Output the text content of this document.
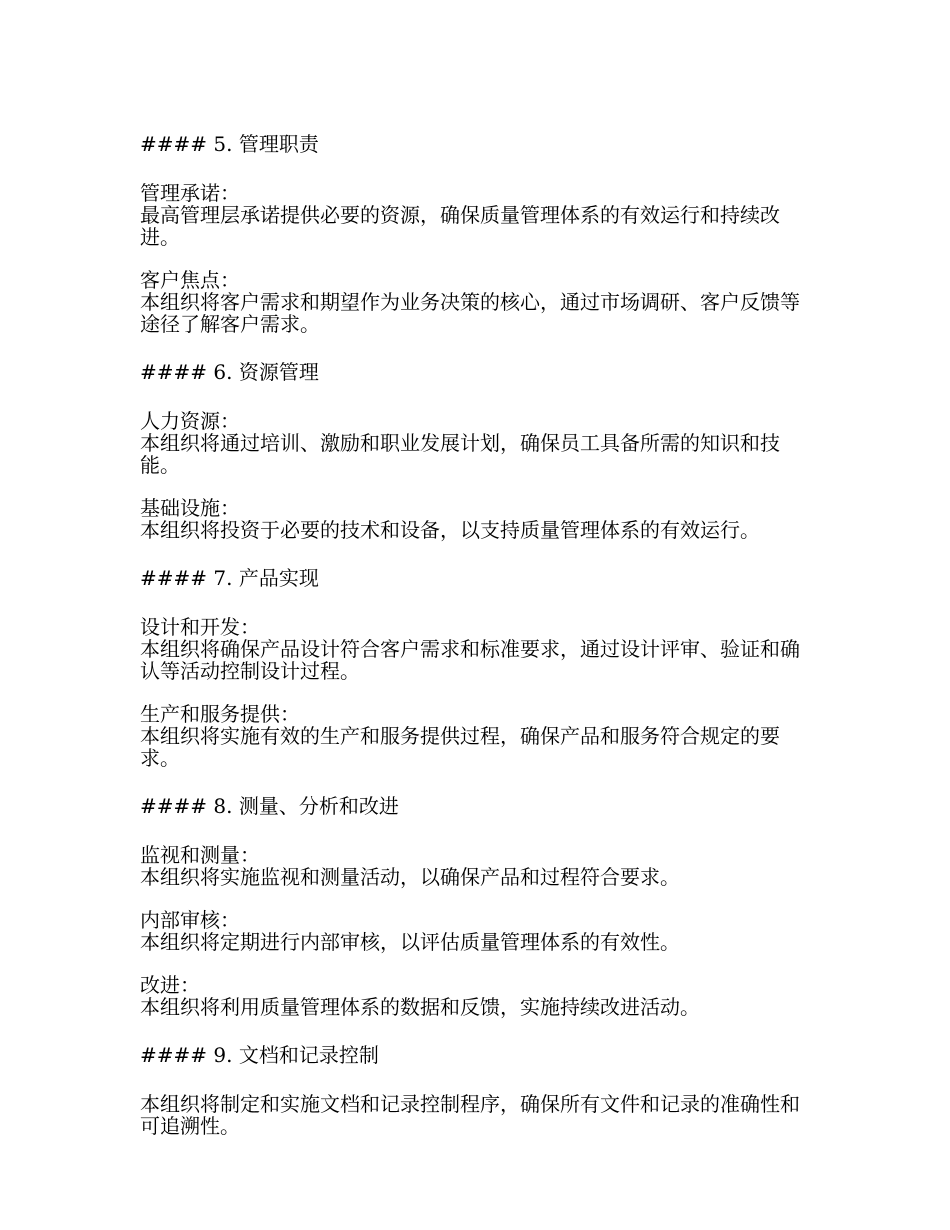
#### 5. 管理职责
管理承诺：
最高管理层承诺提供必要的资源，确保质量管理体系的有效运行和持续改进。
客户焦点：
本组织将客户需求和期望作为业务决策的核心，通过市场调研、客户反馈等途径了解客户需求。
#### 6. 资源管理
人力资源：
本组织将通过培训、激励和职业发展计划，确保员工具备所需的知识和技能。
基础设施：
本组织将投资于必要的技术和设备，以支持质量管理体系的有效运行。
#### 7. 产品实现
设计和开发：
本组织将确保产品设计符合客户需求和标准要求，通过设计评审、验证和确认等活动控制设计过程。
生产和服务提供：
本组织将实施有效的生产和服务提供过程，确保产品和服务符合规定的要求。
#### 8. 测量、分析和改进
监视和测量：
本组织将实施监视和测量活动，以确保产品和过程符合要求。
内部审核：
本组织将定期进行内部审核，以评估质量管理体系的有效性。
改进：
本组织将利用质量管理体系的数据和反馈，实施持续改进活动。
#### 9. 文档和记录控制
本组织将制定和实施文档和记录控制程序，确保所有文件和记录的准确性和可追溯性。
